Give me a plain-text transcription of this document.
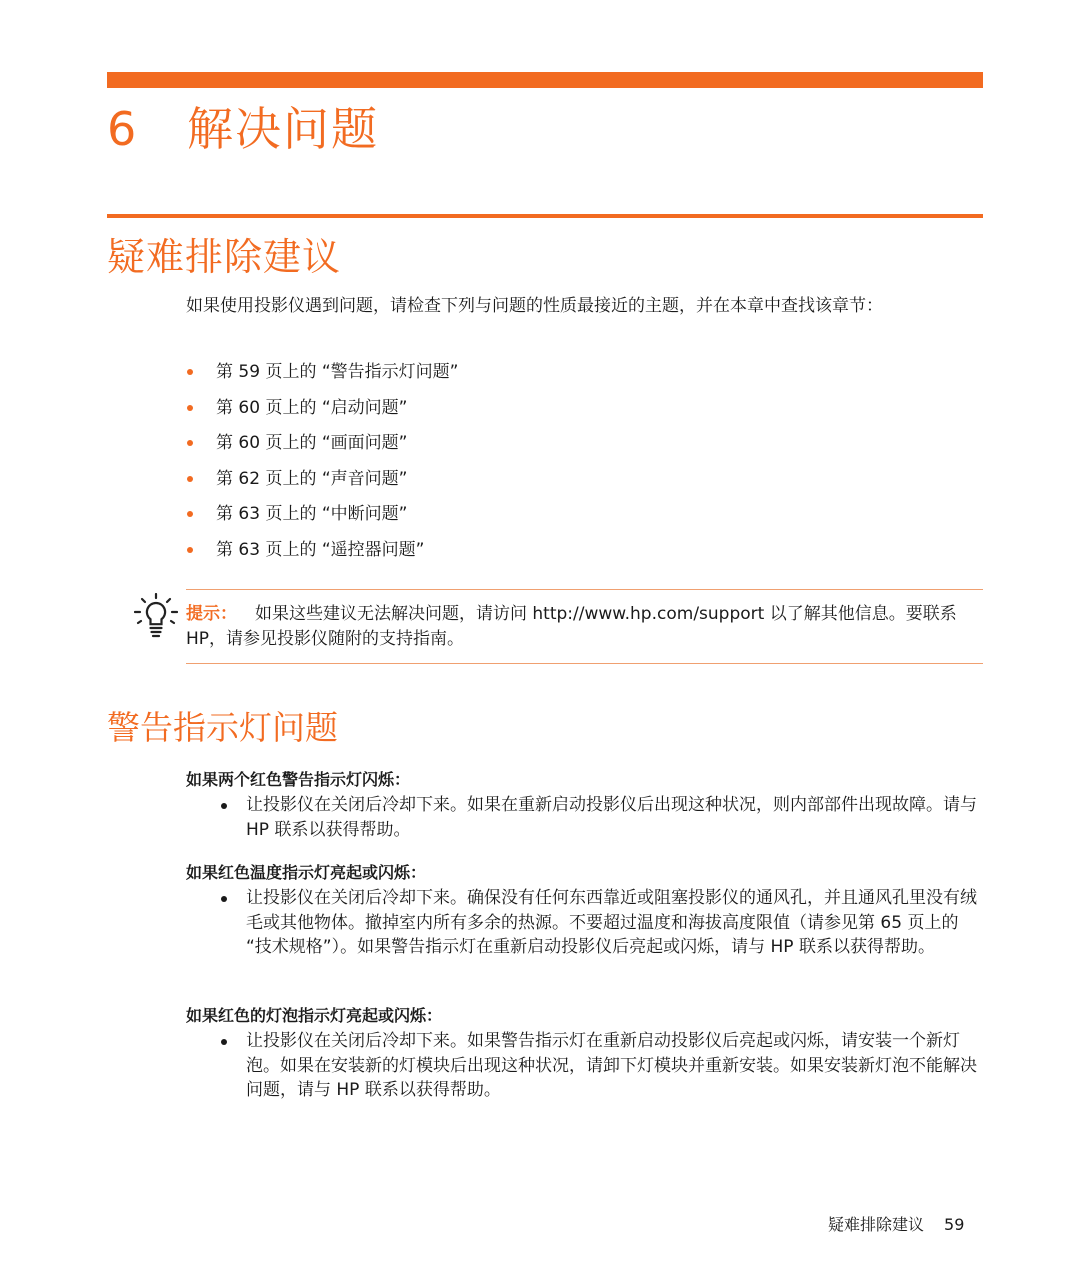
6 解决问题
疑难排除建议
如果使用投影仪遇到问题，请检查下列与问题的性质最接近的主题，并在本章中查找该章节：
第 59 页上的 “警告指示灯问题”
第 60 页上的 “启动问题”
第 60 页上的 “画面问题”
第 62 页上的 “声音问题”
第 63 页上的 “中断问题”
第 63 页上的 “遥控器问题”
提示： 如果这些建议无法解决问题，请访问 http://www.hp.com/support 以了解其他信息。要联系 HP，请参见投影仪随附的支持指南。
警告指示灯问题
如果两个红色警告指示灯闪烁：
让投影仪在关闭后冷却下来。如果在重新启动投影仪后出现这种状况，则内部部件出现故障。请与 HP 联系以获得帮助。
如果红色温度指示灯亮起或闪烁：
让投影仪在关闭后冷却下来。确保没有任何东西靠近或阻塞投影仪的通风孔，并且通风孔里没有绒毛或其他物体。撤掉室内所有多余的热源。不要超过温度和海拔高度限值（请参见第 65 页上的 “技术规格”）。如果警告指示灯在重新启动投影仪后亮起或闪烁，请与 HP 联系以获得帮助。
如果红色的灯泡指示灯亮起或闪烁：
让投影仪在关闭后冷却下来。如果警告指示灯在重新启动投影仪后亮起或闪烁，请安装一个新灯泡。如果在安装新的灯模块后出现这种状况，请卸下灯模块并重新安装。如果安装新灯泡不能解决问题，请与 HP 联系以获得帮助。
疑难排除建议 59
